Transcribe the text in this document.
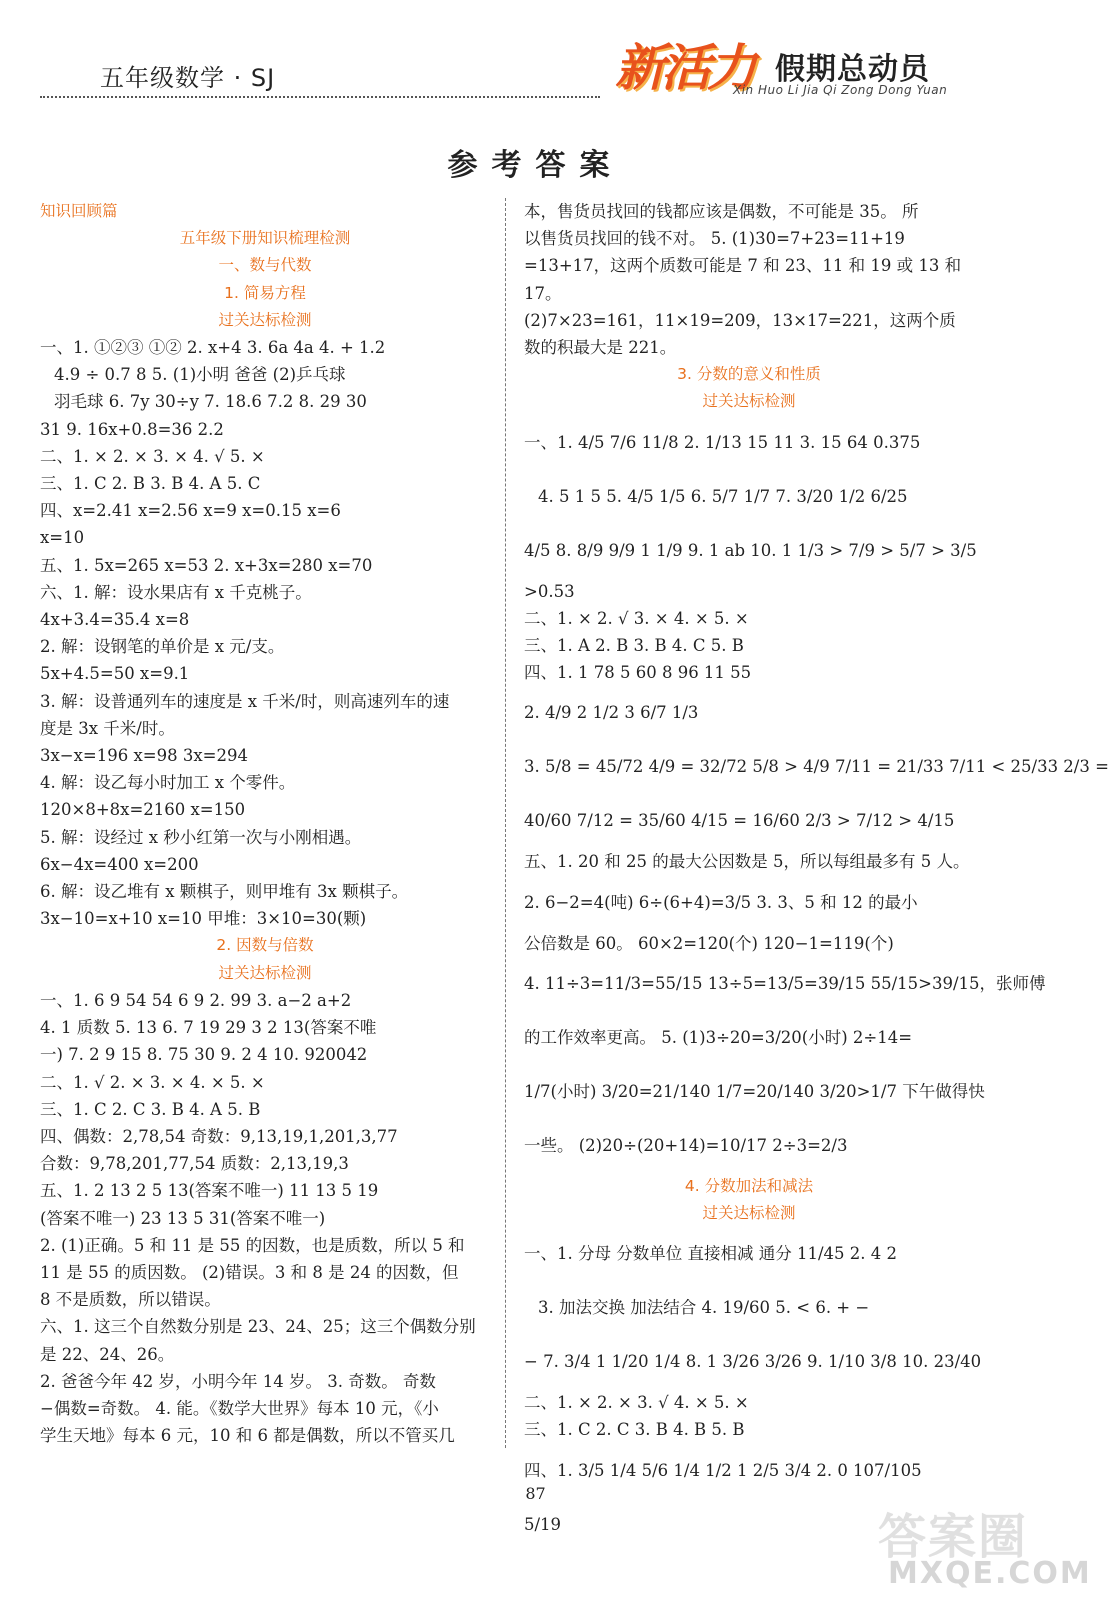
五年级数学 · SJ	新活力 假期总动员
Xin Huo Li Jia Qi Zong Dong Yuan
参考答案
知识回顾篇
五年级下册知识梳理检测
一、数与代数
1. 简易方程
过关达标检测
一、1. ①②③ ①② 2. x+4 3. 6a 4a 4. + 1.2
4.9 ÷ 0.7 8 5. (1)小明 爸爸 (2)乒乓球
羽毛球 6. 7y 30÷y 7. 18.6 7.2 8. 29 30
31 9. 16x+0.8=36 2.2
二、1. × 2. × 3. × 4. √ 5. ×
三、1. C 2. B 3. B 4. A 5. C
四、x=2.41 x=2.56 x=9 x=0.15 x=6
x=10
五、1. 5x=265 x=53 2. x+3x=280 x=70
六、1. 解：设水果店有 x 千克桃子。
4x+3.4=35.4 x=8
2. 解：设钢笔的单价是 x 元/支。
5x+4.5=50 x=9.1
3. 解：设普通列车的速度是 x 千米/时，则高速列车的速
度是 3x 千米/时。
3x−x=196 x=98 3x=294
4. 解：设乙每小时加工 x 个零件。
120×8+8x=2160 x=150
5. 解：设经过 x 秒小红第一次与小刚相遇。
6x−4x=400 x=200
6. 解：设乙堆有 x 颗棋子，则甲堆有 3x 颗棋子。
3x−10=x+10 x=10 甲堆：3×10=30(颗)
2. 因数与倍数
过关达标检测
一、1. 6 9 54 54 6 9 2. 99 3. a−2 a+2
4. 1 质数 5. 13 6. 7 19 29 3 2 13(答案不唯
一) 7. 2 9 15 8. 75 30 9. 2 4 10. 920042
二、1. √ 2. × 3. × 4. × 5. ×
三、1. C 2. C 3. B 4. A 5. B
四、偶数：2,78,54 奇数：9,13,19,1,201,3,77
合数：9,78,201,77,54 质数：2,13,19,3
五、1. 2 13 2 5 13(答案不唯一) 11 13 5 19
(答案不唯一) 23 13 5 31(答案不唯一)
2. (1)正确。5 和 11 是 55 的因数，也是质数，所以 5 和
11 是 55 的质因数。 (2)错误。3 和 8 是 24 的因数，但
8 不是质数，所以错误。
六、1. 这三个自然数分别是 23、24、25；这三个偶数分别
是 22、24、26。
2. 爸爸今年 42 岁，小明今年 14 岁。 3. 奇数。 奇数
−偶数=奇数。 4. 能。《数学大世界》每本 10 元，《小
学生天地》每本 6 元，10 和 6 都是偶数，所以不管买几
本，售货员找回的钱都应该是偶数，不可能是 35。 所
以售货员找回的钱不对。 5. (1)30=7+23=11+19
=13+17，这两个质数可能是 7 和 23、11 和 19 或 13 和
17。
(2)7×23=161，11×19=209，13×17=221，这两个质
数的积最大是 221。
3. 分数的意义和性质
过关达标检测
一、1. 4/5 7/6 11/8 2. 1/13 15 11 3. 15 64 0.375
4. 5 1 5 5. 4/5 1/5 6. 5/7 1/7 7. 3/20 1/2 6/25
4/5 8. 8/9 9/9 1 1/9 9. 1 ab 10. 1 1/3 > 7/9 > 5/7 > 3/5
>0.53
二、1. × 2. √ 3. × 4. × 5. ×
三、1. A 2. B 3. B 4. C 5. B
四、1. 1 78 5 60 8 96 11 55
2. 4/9 2 1/2 3 6/7 1/3
3. 5/8 = 45/72 4/9 = 32/72 5/8 > 4/9 7/11 = 21/33 7/11 < 25/33 2/3 =
40/60 7/12 = 35/60 4/15 = 16/60 2/3 > 7/12 > 4/15
五、1. 20 和 25 的最大公因数是 5，所以每组最多有 5 人。
2. 6−2=4(吨) 6÷(6+4)=3/5 3. 3、5 和 12 的最小
公倍数是 60。 60×2=120(个) 120−1=119(个)
4. 11÷3=11/3=55/15 13÷5=13/5=39/15 55/15>39/15，张师傅
的工作效率更高。 5. (1)3÷20=3/20(小时) 2÷14=
1/7(小时) 3/20=21/140 1/7=20/140 3/20>1/7 下午做得快
一些。 (2)20÷(20+14)=10/17 2÷3=2/3
4. 分数加法和减法
过关达标检测
一、1. 分母 分数单位 直接相减 通分 11/45 2. 4 2
3. 加法交换 加法结合 4. 19/60 5. < 6. + −
− 7. 3/4 1 1/20 1/4 8. 1 3/26 3/26 9. 1/10 3/8 10. 23/40
二、1. × 2. × 3. √ 4. × 5. ×
三、1. C 2. C 3. B 4. B 5. B
四、1. 3/5 1/4 5/6 1/4 1/2 1 2/5 3/4 2. 0 107/105
5/19
87
答案圈
MXQE.COM
